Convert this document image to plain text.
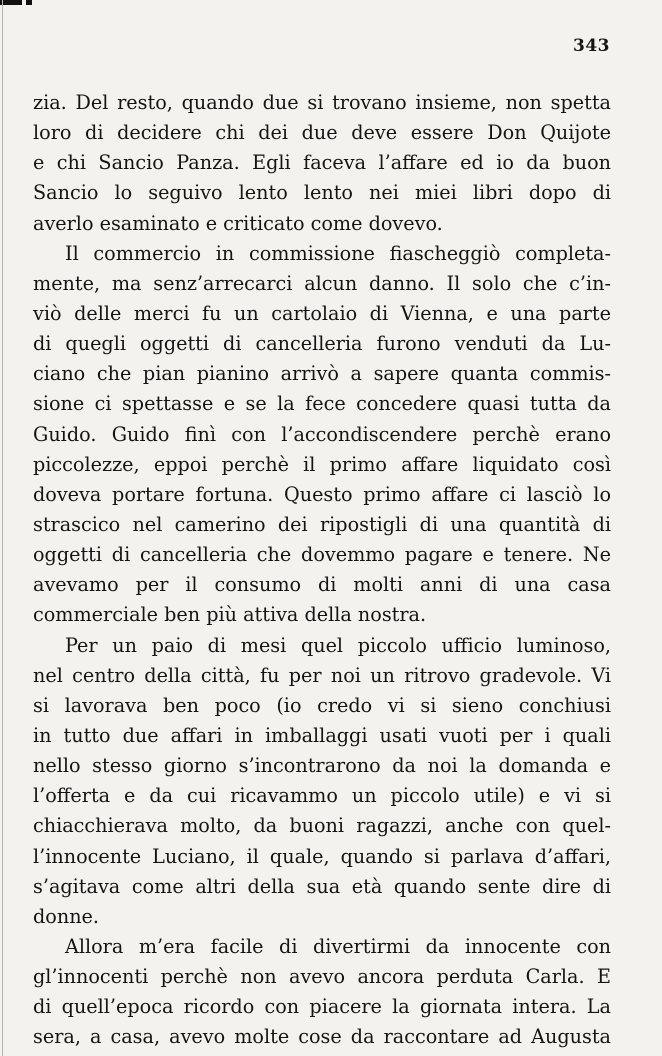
343
zia. Del resto, quando due si trovano insieme, non spetta
loro di decidere chi dei due deve essere Don Quijote
e chi Sancio Panza. Egli faceva l’affare ed io da buon
Sancio lo seguivo lento lento nei miei libri dopo di
averlo esaminato e criticato come dovevo.
Il commercio in commissione fiascheggiò completa-
mente, ma senz’arrecarci alcun danno. Il solo che c’in-
viò delle merci fu un cartolaio di Vienna, e una parte
di quegli oggetti di cancelleria furono venduti da Lu-
ciano che pian pianino arrivò a sapere quanta commis-
sione ci spettasse e se la fece concedere quasi tutta da
Guido. Guido finì con l’accondiscendere perchè erano
piccolezze, eppoi perchè il primo affare liquidato così
doveva portare fortuna. Questo primo affare ci lasciò lo
strascico nel camerino dei ripostigli di una quantità di
oggetti di cancelleria che dovemmo pagare e tenere. Ne
avevamo per il consumo di molti anni di una casa
commerciale ben più attiva della nostra.
Per un paio di mesi quel piccolo ufficio luminoso,
nel centro della città, fu per noi un ritrovo gradevole. Vi
si lavorava ben poco (io credo vi si sieno conchiusi
in tutto due affari in imballaggi usati vuoti per i quali
nello stesso giorno s’incontrarono da noi la domanda e
l’offerta e da cui ricavammo un piccolo utile) e vi si
chiacchierava molto, da buoni ragazzi, anche con quel-
l’innocente Luciano, il quale, quando si parlava d’affari,
s’agitava come altri della sua età quando sente dire di
donne.
Allora m’era facile di divertirmi da innocente con
gl’innocenti perchè non avevo ancora perduta Carla. E
di quell’epoca ricordo con piacere la giornata intera. La
sera, a casa, avevo molte cose da raccontare ad Augusta
